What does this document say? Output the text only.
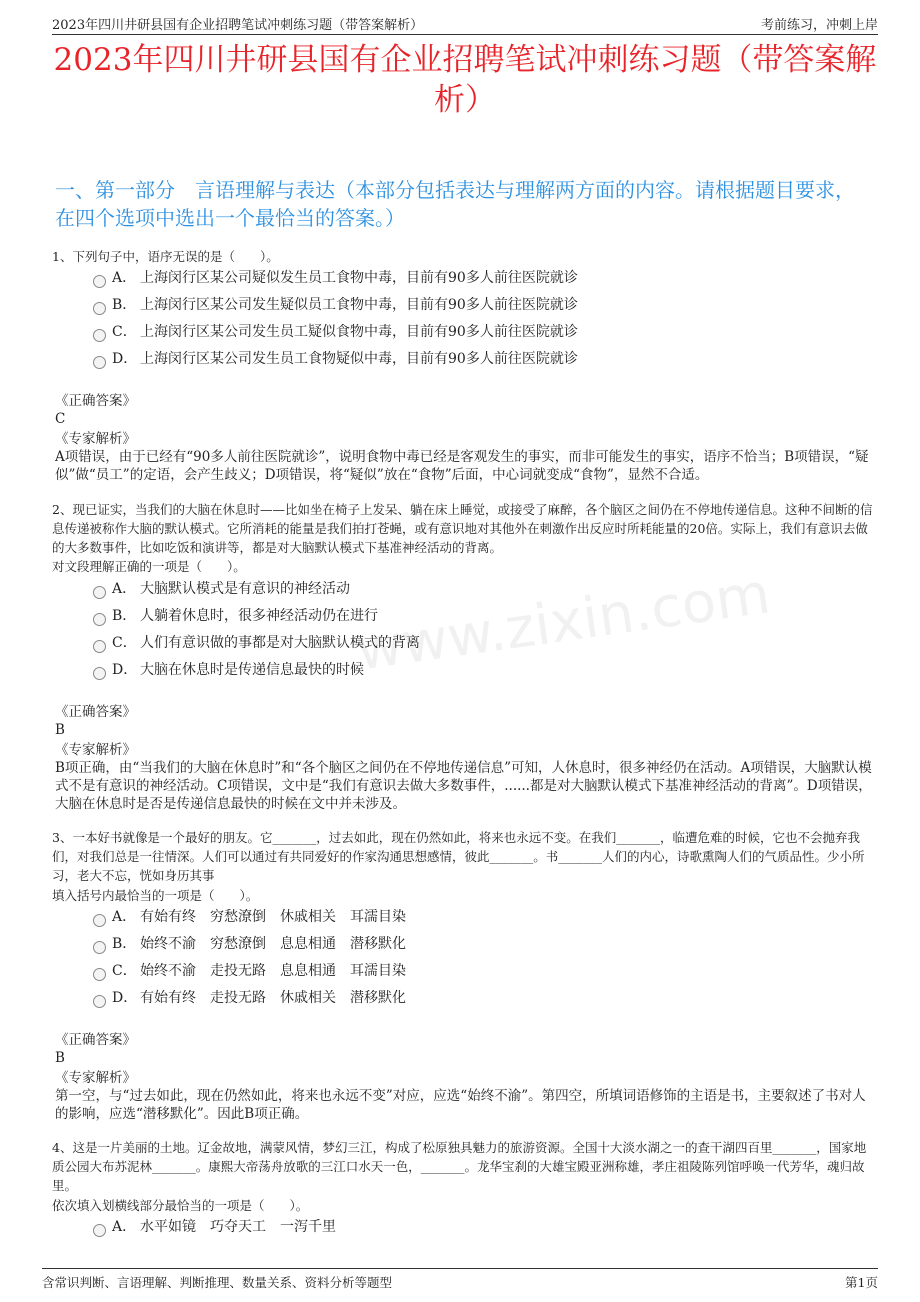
2023年四川井研县国有企业招聘笔试冲刺练习题（带答案解析）	考前练习，冲刺上岸
2023年四川井研县国有企业招聘笔试冲刺练习题（带答案解析）
一、第一部分　言语理解与表达（本部分包括表达与理解两方面的内容。请根据题目要求，在四个选项中选出一个最恰当的答案。）
www.zixin.com
1、下列句子中，语序无误的是（　　）。
A． 上海闵行区某公司疑似发生员工食物中毒，目前有90多人前往医院就诊
B． 上海闵行区某公司发生疑似员工食物中毒，目前有90多人前往医院就诊
C． 上海闵行区某公司发生员工疑似食物中毒，目前有90多人前往医院就诊
D． 上海闵行区某公司发生员工食物疑似中毒，目前有90多人前往医院就诊
《正确答案》
C
《专家解析》
A项错误，由于已经有“90多人前往医院就诊”，说明食物中毒已经是客观发生的事实，而非可能发生的事实，语序不恰当；B项错误，“疑似”做“员工”的定语，会产生歧义；D项错误，将“疑似”放在“食物”后面，中心词就变成“食物”，显然不合适。
2、现已证实，当我们的大脑在休息时——比如坐在椅子上发呆、躺在床上睡觉，或接受了麻醉，各个脑区之间仍在不停地传递信息。这种不间断的信息传递被称作大脑的默认模式。它所消耗的能量是我们拍打苍蝇，或有意识地对其他外在刺激作出反应时所耗能量的20倍。实际上，我们有意识去做的大多数事件，比如吃饭和演讲等，都是对大脑默认模式下基准神经活动的背离。
对文段理解正确的一项是（　　）。
A． 大脑默认模式是有意识的神经活动
B． 人躺着休息时，很多神经活动仍在进行
C． 人们有意识做的事都是对大脑默认模式的背离
D． 大脑在休息时是传递信息最快的时候
《正确答案》
B
《专家解析》
B项正确，由“当我们的大脑在休息时”和“各个脑区之间仍在不停地传递信息”可知，人休息时，很多神经仍在活动。A项错误，大脑默认模式不是有意识的神经活动。C项错误，文中是“我们有意识去做大多数事件，......都是对大脑默认模式下基准神经活动的背离”。D项错误，大脑在休息时是否是传递信息最快的时候在文中并未涉及。
3、一本好书就像是一个最好的朋友。它_______，过去如此，现在仍然如此，将来也永远不变。在我们_______，临遭危难的时候，它也不会抛弃我们，对我们总是一往情深。人们可以通过有共同爱好的作家沟通思想感情，彼此_______。书_______人们的内心，诗歌熏陶人们的气质品性。少小所习，老大不忘，恍如身历其事
填入括号内最恰当的一项是（　　）。
A． 有始有终　穷愁潦倒　休戚相关　耳濡目染
B． 始终不渝　穷愁潦倒　息息相通　潜移默化
C． 始终不渝　走投无路　息息相通　耳濡目染
D． 有始有终　走投无路　休戚相关　潜移默化
《正确答案》
B
《专家解析》
第一空，与“过去如此，现在仍然如此，将来也永远不变”对应，应选“始终不渝”。第四空，所填词语修饰的主语是书，主要叙述了书对人的影响，应选“潜移默化”。因此B项正确。
4、这是一片美丽的土地。辽金故地，满蒙风情，梦幻三江，构成了松原独具魅力的旅游资源。全国十大淡水湖之一的查干湖四百里_______，国家地质公园大布苏泥林_______。康熙大帝荡舟放歌的三江口水天一色，_______。龙华宝刹的大雄宝殿亚洲称雄，孝庄祖陵陈列馆呼唤一代芳华，魂归故里。
依次填入划横线部分最恰当的一项是（　　）。
A． 水平如镜　巧夺天工　一泻千里
含常识判断、言语理解、判断推理、数量关系、资料分析等题型	第1页
